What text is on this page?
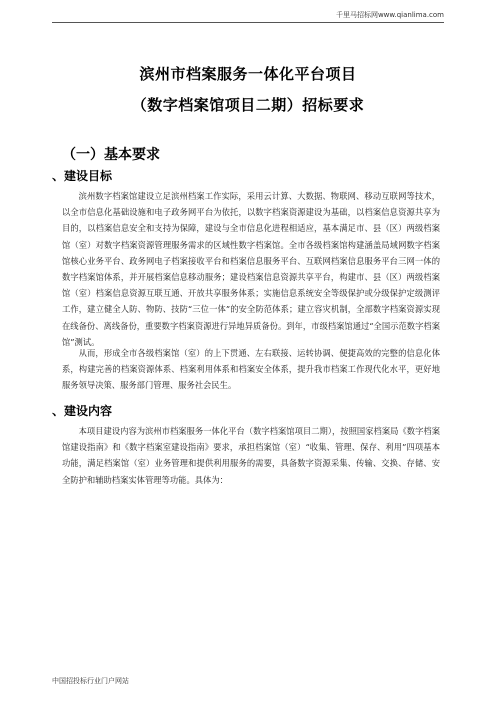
千里马招标网www.qianlima.com
滨州市档案服务一体化平台项目
（数字档案馆项目二期）招标要求
（一）基本要求
、建设目标
滨州数字档案馆建设立足滨州档案工作实际，采用云计算、大数据、物联网、移动互联网等技术，以全市信息化基础设施和电子政务网平台为依托，以数字档案资源建设为基础，以档案信息资源共享为目的，以档案信息安全和支持为保障，建设与全市信息化进程相适应，基本满足市、县（区）两级档案馆（室）对数字档案资源管理服务需求的区域性数字档案馆。全市各级档案馆构建涵盖局域网数字档案馆核心业务平台、政务网电子档案接收平台和档案信息服务平台、互联网档案信息服务平台三网一体的数字档案馆体系，并开展档案信息移动服务；建设档案信息资源共享平台，构建市、县（区）两级档案馆（室）档案信息资源互联互通、开放共享服务体系；实施信息系统安全等级保护或分级保护定级测评工作，建立健全人防、物防、技防“三位一体”的安全防范体系；建立容灾机制，全部数字档案资源实现在线备份、离线备份，重要数字档案资源进行异地异质备份。到年，市级档案馆通过“全国示范数字档案馆”测试。
从而，形成全市各级档案馆（室）的上下贯通、左右联接、运转协调、便捷高效的完整的信息化体系，构建完善的档案资源体系、档案利用体系和档案安全体系，提升我市档案工作现代化水平，更好地服务领导决策、服务部门管理、服务社会民生。
、建设内容
本项目建设内容为滨州市档案服务一体化平台（数字档案馆项目二期），按照国家档案局《数字档案馆建设指南》和《数字档案室建设指南》要求，承担档案馆（室）“收集、管理、保存、利用”四项基本功能，满足档案馆（室）业务管理和提供利用服务的需要，具备数字资源采集、传输、交换、存储、安全防护和辅助档案实体管理等功能。具体为：
中国招投标行业门户网站
